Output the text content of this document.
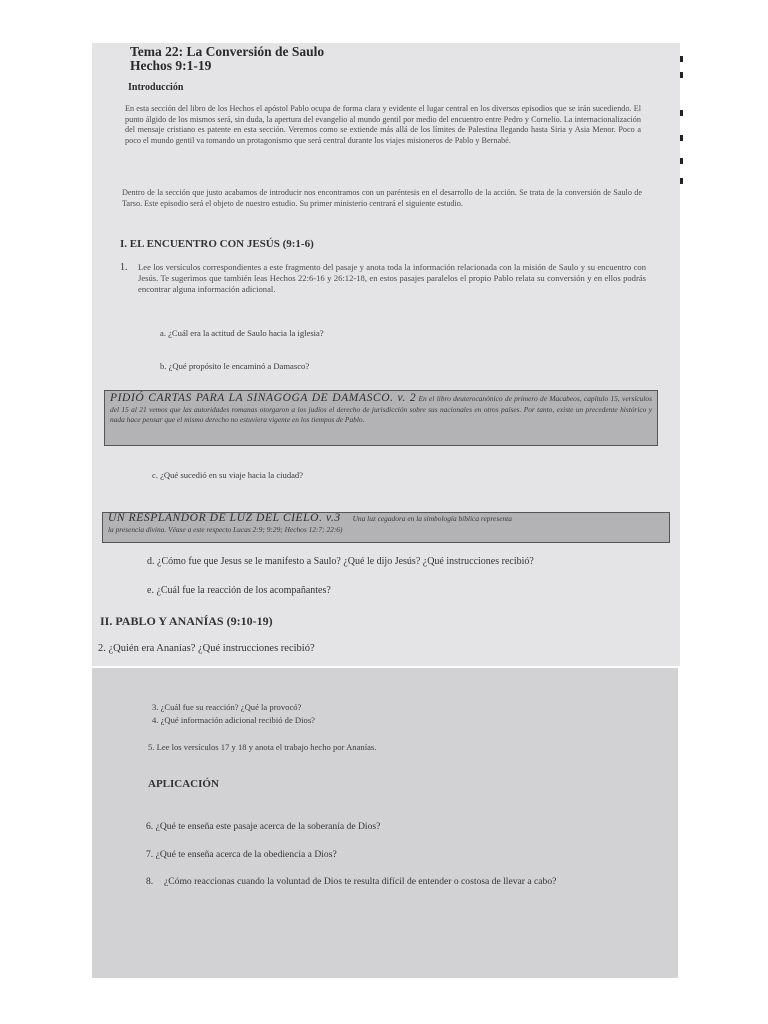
Tema 22: La Conversión de Saulo
Hechos 9:1-19
Introducción
En esta sección del libro de los Hechos el apóstol Pablo ocupa de forma clara y evidente el lugar central en los diversos episodios que se irán sucediendo. El punto álgido de los mismos será, sin duda, la apertura del evangelio al mundo gentil por medio del encuentro entre Pedro y Cornelio. La internacionalización del mensaje cristiano es patente en esta sección. Veremos como se extiende más allá de los límites de Palestina llegando hasta Siria y Asia Menor. Poco a poco el mundo gentil va tomando un protagonismo que será central durante los viajes misioneros de Pablo y Bernabé.
Dentro de la sección que justo acabamos de introducir nos encontramos con un paréntesis en el desarrollo de la acción. Se trata de la conversión de Saulo de Tarso. Este episodio será el objeto de nuestro estudio. Su primer ministerio centrará el siguiente estudio.
I. EL ENCUENTRO CON JESÚS (9:1-6)
1. Lee los versículos correspondientes a este fragmento del pasaje y anota toda la información relacionada con la misión de Saulo y su encuentro con Jesús. Te sugerimos que también leas Hechos 22:6-16 y 26:12-18, en estos pasajes paralelos el propio Pablo relata su conversión y en ellos podrás encontrar alguna información adicional.
a. ¿Cuál era la actitud de Saulo hacia la iglesia?
b. ¿Qué propósito le encaminó a Damasco?
PIDIÓ CARTAS PARA LA SINAGOGA DE DAMASCO. v. 2 En el libro deuterocanónico de primero de Macabeos, capítulo 15, versículos del 15 al 21 vemos que las autoridades romanas otorgaron a los judíos el derecho de jurisdicción sobre sus nacionales en otros países. Por tanto, existe un precedente histórico y nada hace pensar que el mismo derecho no estuviera vigente en los tiempos de Pablo.
c. ¿Qué sucedió en su viaje hacia la ciudad?
UN RESPLANDOR DE LUZ DEL CIELO. v.3 Una luz cegadora en la simbología bíblica representa
la presencia divina. Véase a este respecto Lucas 2:9; 9:29; Hechos 12:7; 22:6)
d. ¿Cómo fue que Jesus se le manifesto a Saulo? ¿Qué le dijo Jesús? ¿Qué instrucciones recibió?
e. ¿Cuál fue la reacción de los acompañantes?
II. PABLO Y ANANÍAS (9:10-19)
2. ¿Quién era Ananías? ¿Qué instrucciones recibió?
3. ¿Cuál fue su reacción? ¿Qué la provocó?
4. ¿Qué información adicional recibió de Dios?
5. Lee los versículos 17 y 18 y anota el trabajo hecho por Ananías.
APLICACIÓN
6. ¿Qué te enseña este pasaje acerca de la soberanía de Dios?
7. ¿Qué te enseña acerca de la obediencia a Dios?
8. ¿Cómo reaccionas cuando la voluntad de Dios te resulta difícil de entender o costosa de llevar a cabo?
